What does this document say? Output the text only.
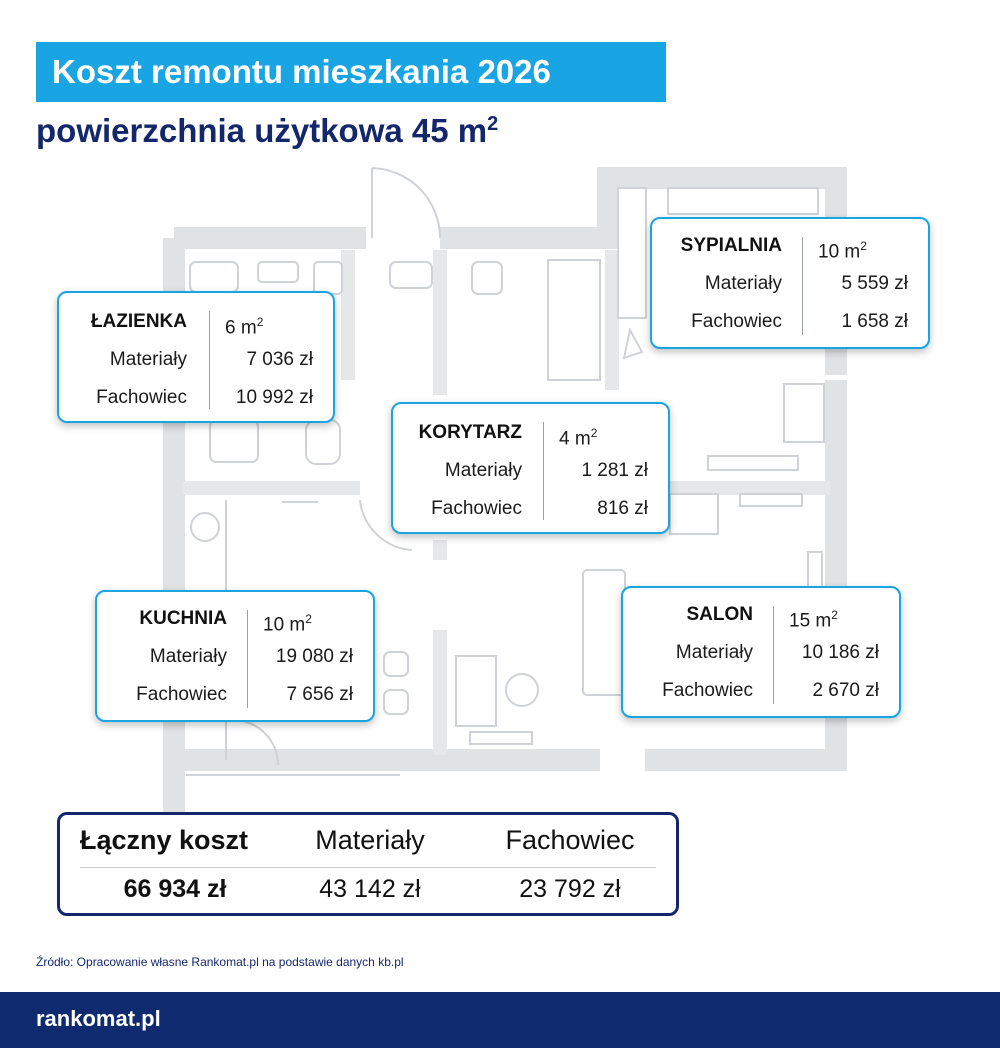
Koszt remontu mieszkania 2026
powierzchnia użytkowa 45 $m^2$
ŁAZIENKA 6 $m^2$
Materiały	7 036 zł
Fachowiec	10 992 zł
SYPIALNIA 10 $m^2$
Materiały	5 559 zł
Fachowiec	1 658 zł
KORYTARZ 4 $m^2$
Materiały	1 281 zł
Fachowiec	816 zł
KUCHNIA 10 $m^2$
Materiały	19 080 zł
Fachowiec	7 656 zł
SALON 15 $m^2$
Materiały	10 186 zł
Fachowiec	2 670 zł
Łączny koszt	Materiały	Fachowiec
66 934 zł	43 142 zł	23 792 zł
Źródło: Opracowanie własne Rankomat.pl na podstawie danych kb.pl
rankomat.pl
